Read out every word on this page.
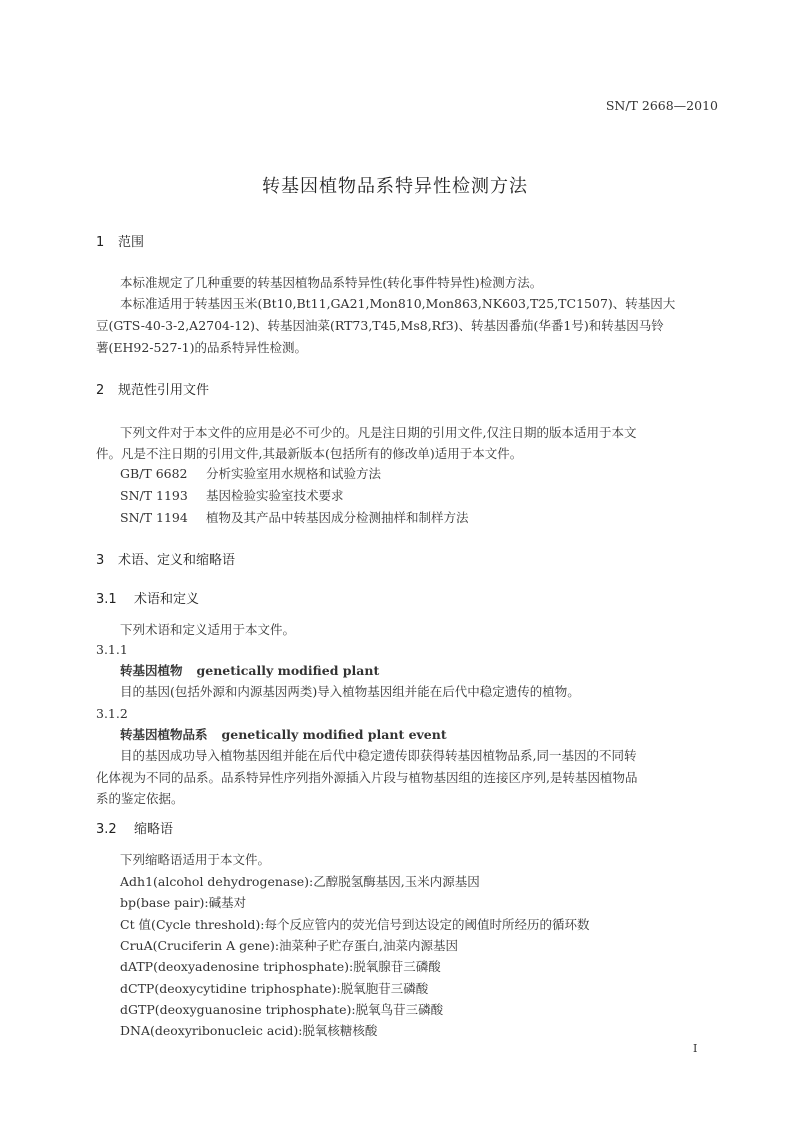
SN/T 2668—2010
转基因植物品系特异性检测方法
1 范围
本标准规定了几种重要的转基因植物品系特异性(转化事件特异性)检测方法。
本标准适用于转基因玉米(Bt10,Bt11,GA21,Mon810,Mon863,NK603,T25,TC1507)、转基因大
豆(GTS-40-3-2,A2704-12)、转基因油菜(RT73,T45,Ms8,Rf3)、转基因番茄(华番1号)和转基因马铃
薯(EH92-527-1)的品系特异性检测。
2 规范性引用文件
下列文件对于本文件的应用是必不可少的。凡是注日期的引用文件,仅注日期的版本适用于本文
件。凡是不注日期的引用文件,其最新版本(包括所有的修改单)适用于本文件。
GB/T 6682 分析实验室用水规格和试验方法
SN/T 1193 基因检验实验室技术要求
SN/T 1194 植物及其产品中转基因成分检测抽样和制样方法
3 术语、定义和缩略语
3.1 术语和定义
下列术语和定义适用于本文件。
3.1.1
转基因植物 genetically modified plant
目的基因(包括外源和内源基因两类)导入植物基因组并能在后代中稳定遗传的植物。
3.1.2
转基因植物品系 genetically modified plant event
目的基因成功导入植物基因组并能在后代中稳定遗传即获得转基因植物品系,同一基因的不同转
化体视为不同的品系。品系特异性序列指外源插入片段与植物基因组的连接区序列,是转基因植物品
系的鉴定依据。
3.2 缩略语
下列缩略语适用于本文件。
Adh1(alcohol dehydrogenase):乙醇脱氢酶基因,玉米内源基因
bp(base pair):碱基对
Ct 值(Cycle threshold):每个反应管内的荧光信号到达设定的阈值时所经历的循环数
CruA(Cruciferin A gene):油菜种子贮存蛋白,油菜内源基因
dATP(deoxyadenosine triphosphate):脱氧腺苷三磷酸
dCTP(deoxycytidine triphosphate):脱氧胞苷三磷酸
dGTP(deoxyguanosine triphosphate):脱氧鸟苷三磷酸
DNA(deoxyribonucleic acid):脱氧核糖核酸
I
